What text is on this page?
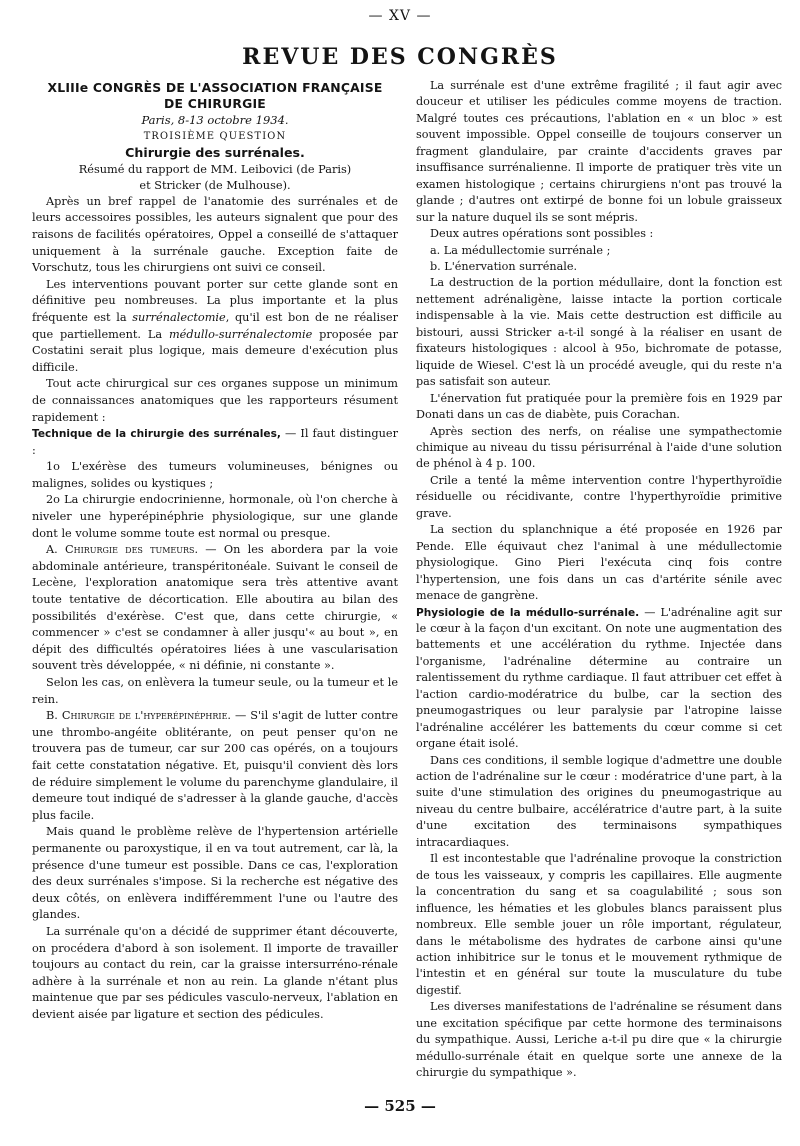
— XV —
REVUE DES CONGRÈS

XLIIIe CONGRÈS DE L'ASSOCIATION FRANÇAISE
DE CHIRURGIE

Paris, 8-13 octobre 1934.

TROISIÈME QUESTION

Chirurgie des surrénales.

Résumé du rapport de MM. Leibovici (de Paris)
et Stricker (de Mulhouse).

Après un bref rappel de l'anatomie des surrénales et de leurs accessoires possibles, les auteurs signalent que pour des raisons de facilités opératoires, Oppel a conseillé de s'attaquer uniquement à la surrénale gauche. Exception faite de Vorschutz, tous les chirurgiens ont suivi ce conseil.

Les interventions pouvant porter sur cette glande sont en définitive peu nombreuses. La plus importante et la plus fréquente est la surrénalectomie, qu'il est bon de ne réaliser que partiellement. La médullo-surrénalectomie proposée par Costatini serait plus logique, mais demeure d'exécution plus difficile.

Tout acte chirurgical sur ces organes suppose un minimum de connaissances anatomiques que les rapporteurs résument rapidement :

Technique de la chirurgie des surrénales, — Il faut distinguer :

1o L'exérèse des tumeurs volumineuses, bénignes ou malignes, solides ou kystiques ;

2o La chirurgie endocrinienne, hormonale, où l'on cherche à niveler une hyperépinéphrie physiologique, sur une glande dont le volume somme toute est normal ou presque.

A. Chirurgie des tumeurs. — On les abordera par la voie abdominale antérieure, transpéritonéale. Suivant le conseil de Lecène, l'exploration anatomique sera très attentive avant toute tentative de décortication. Elle aboutira au bilan des possibilités d'exérèse. C'est que, dans cette chirurgie, « commencer » c'est se condamner à aller jusqu'« au bout », en dépit des difficultés opératoires liées à une vascularisation souvent très développée, « ni définie, ni constante ».

Selon les cas, on enlèvera la tumeur seule, ou la tumeur et le rein.

B. Chirurgie de l'hyperépinéphrie. — S'il s'agit de lutter contre une thrombo-angéite oblitérante, on peut penser qu'on ne trouvera pas de tumeur, car sur 200 cas opérés, on a toujours fait cette constatation négative. Et, puisqu'il convient dès lors de réduire simplement le volume du parenchyme glandulaire, il demeure tout indiqué de s'adresser à la glande gauche, d'accès plus facile.

Mais quand le problème relève de l'hypertension artérielle permanente ou paroxystique, il en va tout autrement, car là, la présence d'une tumeur est possible. Dans ce cas, l'exploration des deux surrénales s'impose. Si la recherche est négative des deux côtés, on enlèvera indifféremment l'une ou l'autre des glandes.

La surrénale qu'on a décidé de supprimer étant découverte, on procédera d'abord à son isolement. Il importe de travailler toujours au contact du rein, car la graisse intersurréno-rénale adhère à la surrénale et non au rein. La glande n'étant plus maintenue que par ses pédicules vasculo-nerveux, l'ablation en devient aisée par ligature et section des pédicules.

La surrénale est d'une extrême fragilité ; il faut agir avec douceur et utiliser les pédicules comme moyens de traction. Malgré toutes ces précautions, l'ablation en « un bloc » est souvent impossible. Oppel conseille de toujours conserver un fragment glandulaire, par crainte d'accidents graves par insuffisance surrénalienne. Il importe de pratiquer très vite un examen histologique ; certains chirurgiens n'ont pas trouvé la glande ; d'autres ont extirpé de bonne foi un lobule graisseux sur la nature duquel ils se sont mépris.

Deux autres opérations sont possibles :

a. La médullectomie surrénale ;

b. L'énervation surrénale.

La destruction de la portion médullaire, dont la fonction est nettement adrénaligène, laisse intacte la portion corticale indispensable à la vie. Mais cette destruction est difficile au bistouri, aussi Stricker a-t-il songé à la réaliser en usant de fixateurs histologiques : alcool à 95o, bichromate de potasse, liquide de Wiesel. C'est là un procédé aveugle, qui du reste n'a pas satisfait son auteur.

L'énervation fut pratiquée pour la première fois en 1929 par Donati dans un cas de diabète, puis Corachan.

Après section des nerfs, on réalise une sympathectomie chimique au niveau du tissu périsurrénal à l'aide d'une solution de phénol à 4 p. 100.

Crile a tenté la même intervention contre l'hyperthyroïdie résiduelle ou récidivante, contre l'hyperthyroïdie primitive grave.

La section du splanchnique a été proposée en 1926 par Pende. Elle équivaut chez l'animal à une médullectomie physiologique. Gino Pieri l'exécuta cinq fois contre l'hypertension, une fois dans un cas d'artérite sénile avec menace de gangrène.

Physiologie de la médullo-surrénale. — L'adrénaline agit sur le cœur à la façon d'un excitant. On note une augmentation des battements et une accélération du rythme. Injectée dans l'organisme, l'adrénaline détermine au contraire un ralentissement du rythme cardiaque. Il faut attribuer cet effet à l'action cardio-modératrice du bulbe, car la section des pneumogastriques ou leur paralysie par l'atropine laisse l'adrénaline accélérer les battements du cœur comme si cet organe était isolé.

Dans ces conditions, il semble logique d'admettre une double action de l'adrénaline sur le cœur : modératrice d'une part, à la suite d'une stimulation des origines du pneumogastrique au niveau du centre bulbaire, accélératrice d'autre part, à la suite d'une excitation des terminaisons sympathiques intracardiaques.

Il est incontestable que l'adrénaline provoque la constriction de tous les vaisseaux, y compris les capillaires. Elle augmente la concentration du sang et sa coagulabilité ; sous son influence, les hématies et les globules blancs paraissent plus nombreux. Elle semble jouer un rôle important, régulateur, dans le métabolisme des hydrates de carbone ainsi qu'une action inhibitrice sur le tonus et le mouvement rythmique de l'intestin et en général sur toute la musculature du tube digestif.

Les diverses manifestations de l'adrénaline se résument dans une excitation spécifique par cette hormone des terminaisons du sympathique. Aussi, Leriche a-t-il pu dire que « la chirurgie médullo-surrénale était en quelque sorte une annexe de la chirurgie du sympathique ».

— 525 —
